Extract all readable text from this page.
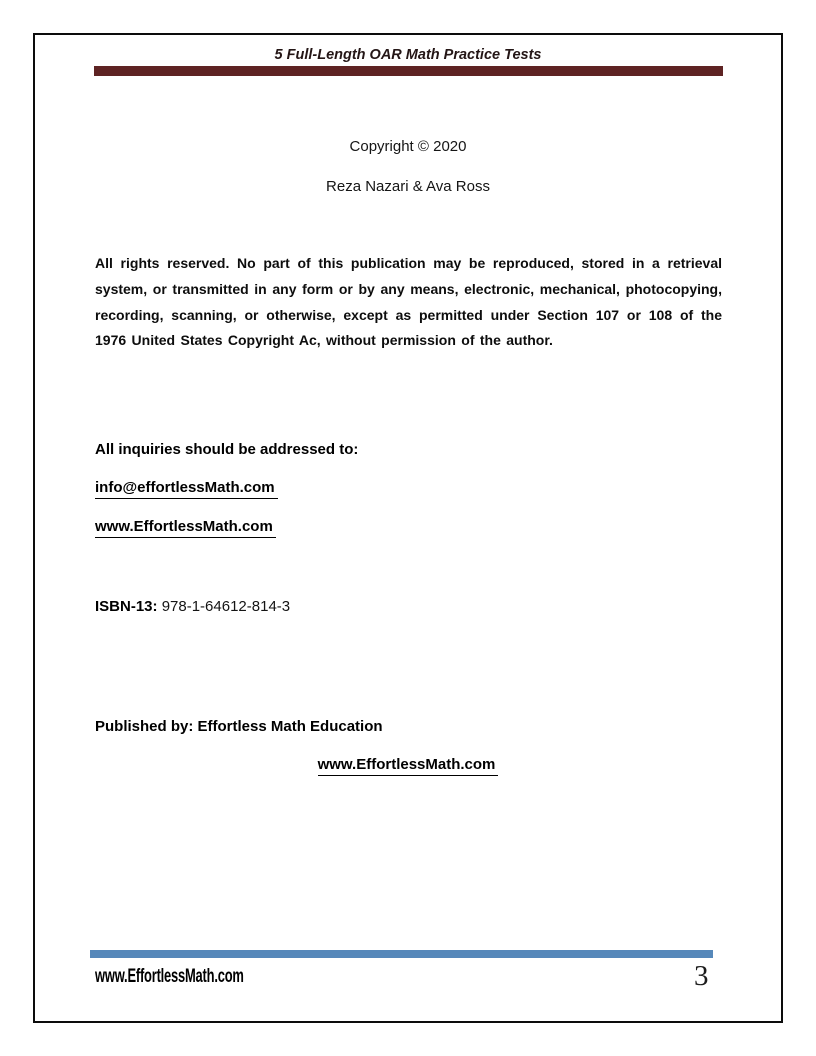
5 Full-Length OAR Math Practice Tests
Copyright © 2020
Reza Nazari & Ava Ross

All rights reserved. No part of this publication may be reproduced, stored in a retrieval system, or transmitted in any form or by any means, electronic, mechanical, photocopying, recording, scanning, or otherwise, except as permitted under Section 107 or 108 of the 1976 United States Copyright Ac, without permission of the author.

All inquiries should be addressed to:
info@effortlessMath.com
www.EffortlessMath.com
ISBN-13: 978-1-64612-814-3
Published by: Effortless Math Education
www.EffortlessMath.com
www.EffortlessMath.com	3
